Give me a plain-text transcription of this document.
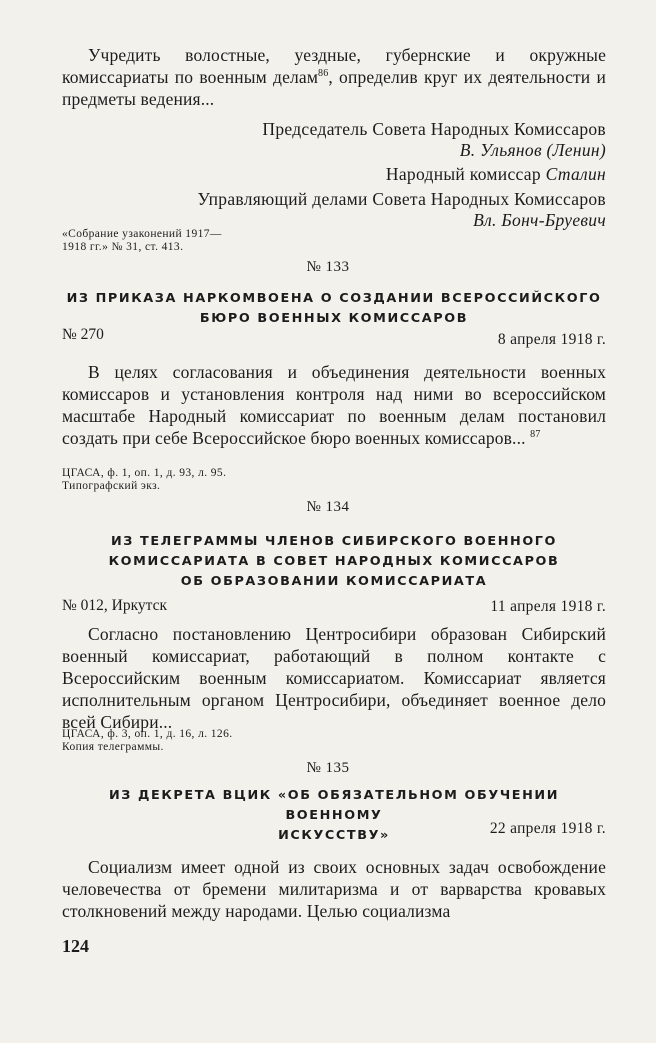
Учредить волостные, уездные, губернские и окружные комиссариаты по военным делам$^{86}$, определив круг их деятельности и предметы ведения...

Председатель Совета Народных Комиссаров
В. Ульянов (Ленин)
Народный комиссар Сталин
Управляющий делами Совета Народных Комиссаров
Вл. Бонч-Бруевич
«Собрание узаконений 1917—
1918 гг.» № 31, ст. 413.
№ 133
ИЗ ПРИКАЗА НАРКОМВОЕНА О СОЗДАНИИ ВСЕРОССИЙСКОГО
БЮРО ВОЕННЫХ КОМИССАРОВ
№ 270	8 апреля 1918 г.

В целях согласования и объединения деятельности военных комиссаров и установления контроля над ними во всероссийском масштабе Народный комиссариат по военным делам постановил создать при себе Всероссийское бюро военных комиссаров... $^{87}$

ЦГАСА, ф. 1, оп. 1, д. 93, л. 95.
Типографский экз.
№ 134
ИЗ ТЕЛЕГРАММЫ ЧЛЕНОВ СИБИРСКОГО ВОЕННОГО
КОМИССАРИАТА В СОВЕТ НАРОДНЫХ КОМИССАРОВ
ОБ ОБРАЗОВАНИИ КОМИССАРИАТА
№ 012, Иркутск	11 апреля 1918 г.

Согласно постановлению Центросибири образован Сибирский военный комиссариат, работающий в полном контакте с Всероссийским военным комиссариатом. Комиссариат является исполнительным органом Центросибири, объединяет военное дело всей Сибири...

ЦГАСА, ф. 3, оп. 1, д. 16, л. 126.
Копия телеграммы.
№ 135
ИЗ ДЕКРЕТА ВЦИК «ОБ ОБЯЗАТЕЛЬНОМ ОБУЧЕНИИ ВОЕННОМУ
ИСКУССТВУ»	22 апреля 1918 г.

Социализм имеет одной из своих основных задач освобождение человечества от бремени милитаризма и от варварства кровавых столкновений между народами. Целью социализма

124
